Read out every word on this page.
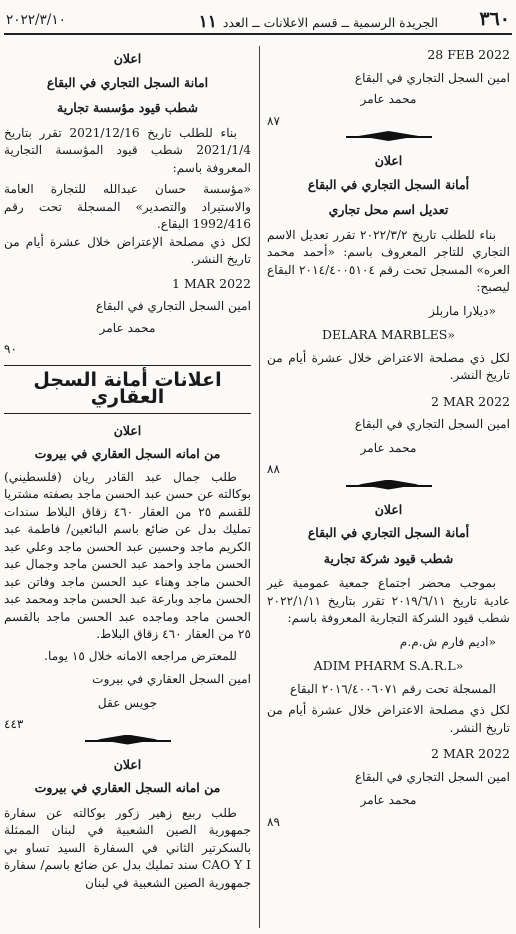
٣٦٠
الجريدة الرسمية ــ قسم الاعلانات ــ العدد ١١
٢٠٢٢/٣/١٠

28 FEB 2022

امين السجل التجاري في البقاع

محمد عامر

٨٧

اعلان

أمانة السجل التجاري في البقاع

تعديل اسم محل تجاري

بناء للطلب تاريخ ٢٠٢٢/٣/٢ تقرر تعديل الاسم التجاري للتاجر المعروف باسم: «أحمد محمد العره» المسجل تحت رقم ٢٠١٤/٤٠٠٥١٠٤ البقاع ليصبح:

«ديلارا ماربلز

DELARA MARBLES»

لكل ذي مصلحة الاعتراض خلال عشرة أيام من تاريخ النشر.

2 MAR 2022

امين السجل التجاري في البقاع

محمد عامر

٨٨

اعلان

أمانة السجل التجاري في البقاع

شطب قيود شركة تجارية

بموجب محضر اجتماع جمعية عمومية غير عادية تاريخ ٢٠١٩/٦/١١ تقرر بتاريخ ٢٠٢٢/١/١١ شطب قيود الشركة التجارية المعروفة باسم:

«اديم فارم ش.م.م

ADIM PHARM S.A.R.L»

المسجلة تحت رقم ٢٠١٦/٤٠٠٦٠٧١ البقاع

لكل ذي مصلحة الاعتراض خلال عشرة أيام من تاريخ النشر.

2 MAR 2022

امين السجل التجاري في البقاع

محمد عامر

٨٩

اعلان

امانة السجل التجاري في البقاع

شطب قيود مؤسسة تجارية

بناء للطلب تاريخ 2021/12/16 تقرر بتاريخ 2021/1/4 شطب قيود المؤسسة التجارية المعروفة باسم:

«مؤسسة حسان عبدالله للتجارة العامة والاستيراد والتصدير» المسجلة تحت رقم 1992/416 البقاع.

لكل ذي مصلحة الإعتراض خلال عشرة أيام من تاريخ النشر.

1 MAR 2022

امين السجل التجاري في البقاع

محمد عامر

٩٠

اعلانات أمانة السجل العقاري

اعلان

من امانه السجل العقاري في بيروت

طلب جمال عبد القادر ريان (فلسطيني) بوكالته عن حسن عبد الحسن ماجد بصفته مشتريا للقسم ٢٥ من العقار ٤٦٠ زقاق البلاط سندات تمليك بدل عن ضائع باسم البائعين/ فاطمة عبد الكريم ماجد وحسين عبد الحسن ماجد وعلي عبد الحسن ماجد واحمد عبد الحسن ماجد وجمال عبد الحسن ماجد وهناء عبد الحسن ماجد وفاتن عبد الحسن ماجد وبارعة عبد الحسن ماجد ومحمد عبد الحسن ماجد وماجده عبد الحسن ماجد بالقسم ٢٥ من العقار ٤٦٠ زقاق البلاط.

للمعترض مراجعه الامانه خلال ١٥ يوما.

امين السجل العقاري في بيروت

جويس عقل

٤٤٣

اعلان

من امانه السجل العقاري في بيروت

طلب ربيع زهير زكور بوكالته عن سفارة جمهورية الصين الشعبية في لبنان الممثلة بالسكرتير الثاني في السفارة السيد تساو بي CAO Y I سند تمليك بدل عن ضائع باسم/ سفارة جمهورية الصين الشعبية في لبنان
